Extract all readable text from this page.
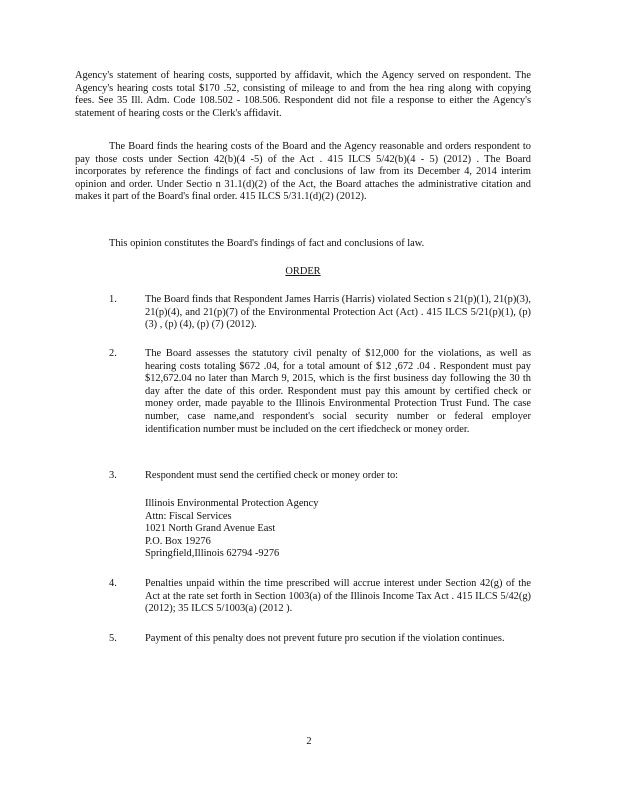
Agency's statement of hearing costs, supported by affidavit, which the Agency served on respondent. The Agency's hearing costs total $170 .52, consisting of mileage to and from the hea ring along with copying fees. See 35 Ill. Adm. Code 108.502 - 108.506. Respondent did not file a response to either the Agency's statement of hearing costs or the Clerk's affidavit.

The Board finds the hearing costs of the Board and the Agency reasonable and orders respondent to pay those costs under Section 42(b)(4 -5) of the Act . 415 ILCS 5/42(b)(4 - 5) (2012) . The Board incorporates by reference the findings of fact and conclusions of law from its December 4, 2014 interim opinion and order. Under Sectio n 31.1(d)(2) of the Act, the Board attaches the administrative citation and makes it part of the Board's final order. 415 ILCS 5/31.1(d)(2) (2012).

This opinion constitutes the Board's findings of fact and conclusions of law.

ORDER
1.	The Board finds that Respondent James Harris (Harris) violated Section s 21(p)(1), 21(p)(3), 21(p)(4), and 21(p)(7) of the Environmental Protection Act (Act) . 415 ILCS 5/21(p)(1), (p) (3) , (p) (4), (p) (7) (2012).
2.	The Board assesses the statutory civil penalty of $12,000 for the violations, as well as hearing costs totaling $672 .04, for a total amount of $12 ,672 .04 . Respondent must pay $12,672.04 no later than March 9, 2015, which is the first business day following the 30 th day after the date of this order. Respondent must pay this amount by certified check or money order, made payable to the Illinois Environmental Protection Trust Fund. The case number, case name,and respondent's social security number or federal employer identification number must be included on the cert ifiedcheck or money order.
3.	Respondent must send the certified check or money order to:
Illinois Environmental Protection Agency
Attn: Fiscal Services
1021 North Grand Avenue East
P.O. Box 19276
Springfield,Illinois 62794 -9276
4.	Penalties unpaid within the time prescribed will accrue interest under Section 42(g) of the Act at the rate set forth in Section 1003(a) of the Illinois Income Tax Act . 415 ILCS 5/42(g) (2012); 35 ILCS 5/1003(a) (2012 ).
5.	Payment of this penalty does not prevent future pro secution if the violation continues.
2
